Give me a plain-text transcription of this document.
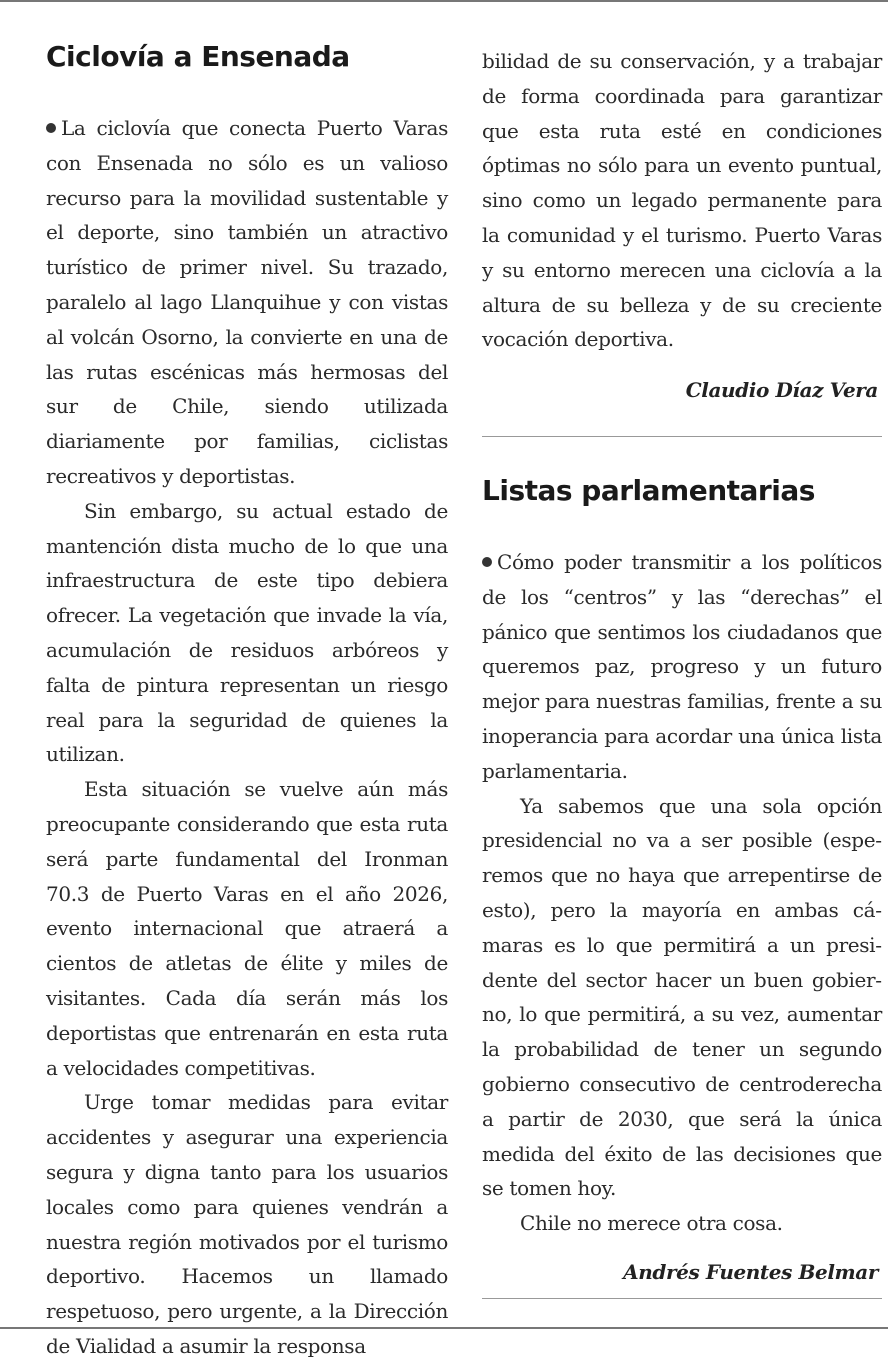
Ciclovía a Ensenada

La ciclovía que conecta Puerto Varas con Ensenada no sólo es un valioso recurso para la movilidad sustentable y el deporte, sino también un atractivo turístico de primer nivel. Su trazado, paralelo al lago Llanquihue y con vistas al volcán Osorno, la convierte en una de las rutas escénicas más hermosas del sur de Chile, siendo utilizada diariamente por familias, ciclistas recreativos y deportistas.

Sin embargo, su actual estado de mantención dista mucho de lo que una infraestructura de este tipo debiera ofrecer. La vegetación que invade la vía, acumulación de residuos arbóreos y falta de pintura representan un riesgo real para la seguridad de quienes la utilizan.

Esta situación se vuelve aún más preocupante considerando que esta ruta será parte fundamental del Ironman 70.3 de Puerto Varas en el año 2026, evento internacional que atraerá a cientos de atletas de élite y miles de visitantes. Cada día serán más los deportistas que entrenarán en esta ruta a velocidades competitivas.

Urge tomar medidas para evitar accidentes y asegurar una experiencia segura y digna tanto para los usuarios locales como para quienes vendrán a nuestra región motivados por el turismo deportivo. Hacemos un llamado respetuoso, pero urgente, a la Dirección de Vialidad a asumir la responsa

bilidad de su conservación, y a trabajar de forma coordinada para garantizar que esta ruta esté en condiciones óptimas no sólo para un evento puntual, sino como un legado permanente para la comunidad y el turismo. Puerto Varas y su entorno merecen una ciclovía a la altura de su belleza y de su creciente vocación deportiva.

Claudio Díaz Vera

Listas parlamentarias

Cómo poder transmitir a los políticos de los “centros” y las “derechas” el pánico que sentimos los ciudadanos que queremos paz, progreso y un futuro mejor para nuestras familias, frente a su inoperancia para acordar una única lista parlamentaria.

Ya sabemos que una sola opción presidencial no va a ser posible (esperemos que no haya que arrepentirse de esto), pero la mayoría en ambas cámaras es lo que permitirá a un presidente del sector hacer un buen gobierno, lo que permitirá, a su vez, aumentar la probabilidad de tener un segundo gobierno consecutivo de centroderecha a partir de 2030, que será la única medida del éxito de las decisiones que se tomen hoy.

Chile no merece otra cosa.

Andrés Fuentes Belmar
